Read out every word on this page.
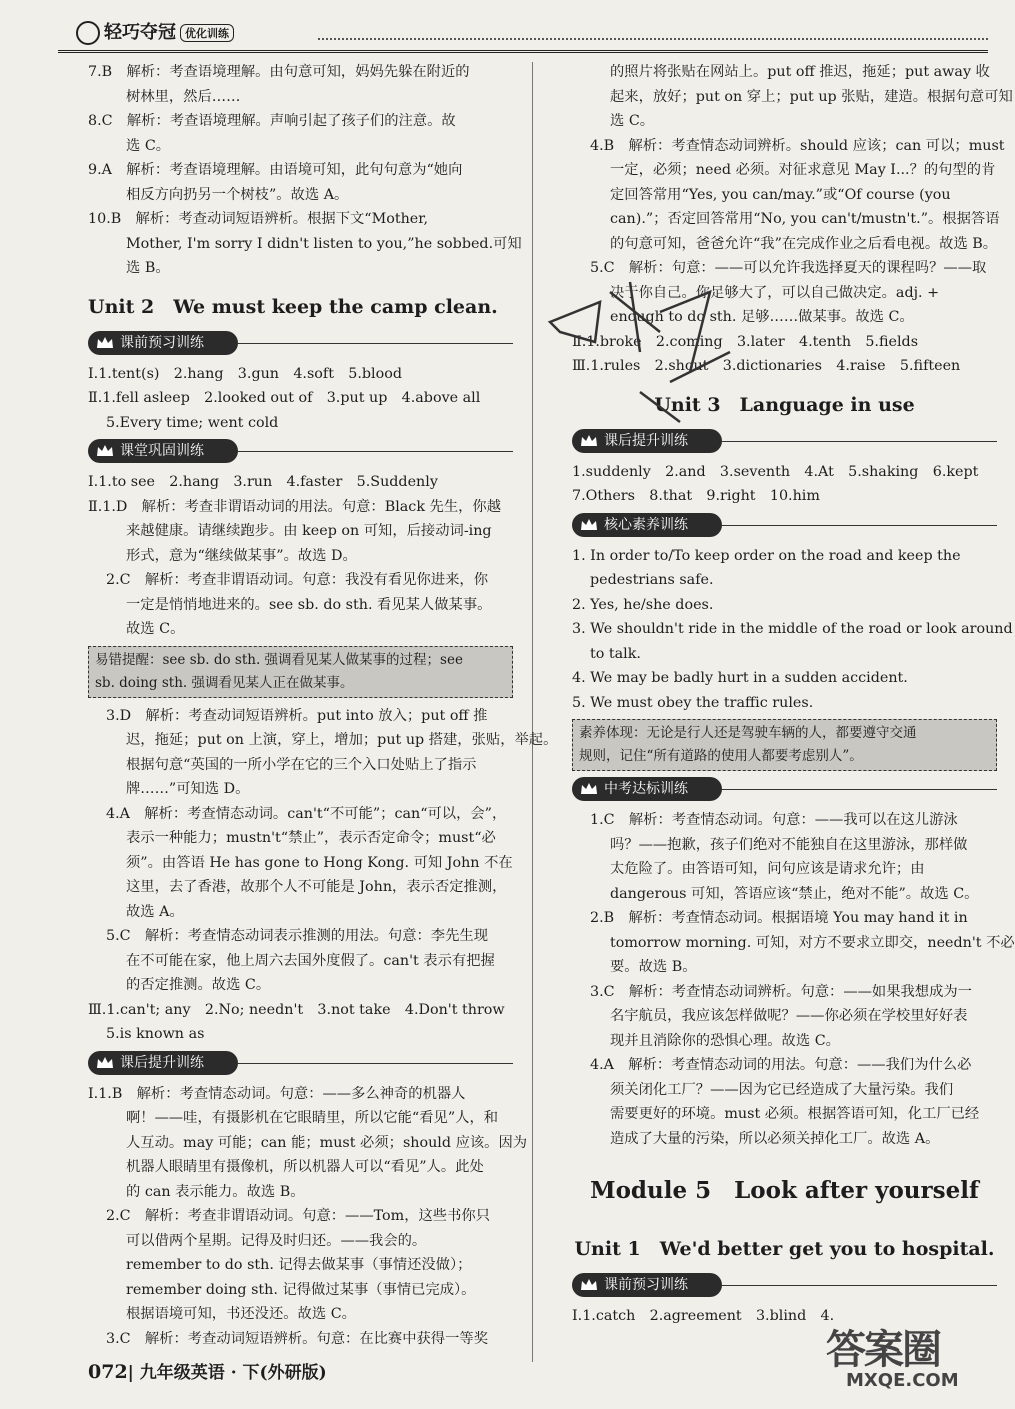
轻巧夺冠 优化训练
7.B　解析：考查语境理解。由句意可知，妈妈先躲在附近的
树林里，然后……
8.C　解析：考查语境理解。声响引起了孩子们的注意。故
选 C。
9.A　解析：考查语境理解。由语境可知，此句句意为“她向
相反方向扔另一个树枝”。故选 A。
10.B　解析：考查动词短语辨析。根据下文“Mother,
Mother, I'm sorry I didn't listen to you,”he sobbed.可知
选 B。
Unit 2　We must keep the camp clean.
课前预习训练
Ⅰ.1.tent(s)　2.hang　3.gun　4.soft　5.blood
Ⅱ.1.fell asleep　2.looked out of　3.put up　4.above all
5.Every time; went cold
课堂巩固训练
Ⅰ.1.to see　2.hang　3.run　4.faster　5.Suddenly
Ⅱ.1.D　解析：考查非谓语动词的用法。句意：Black 先生，你越
来越健康。请继续跑步。由 keep on 可知，后接动词-ing
形式，意为“继续做某事”。故选 D。
2.C　解析：考查非谓语动词。句意：我没有看见你进来，你
一定是悄悄地进来的。see sb. do sth. 看见某人做某事。
故选 C。
易错提醒：see sb. do sth. 强调看见某人做某事的过程；see
sb. doing sth. 强调看见某人正在做某事。
3.D　解析：考查动词短语辨析。put into 放入；put off 推
迟，拖延；put on 上演，穿上，增加；put up 搭建，张贴，举起。
根据句意“英国的一所小学在它的三个入口处贴上了指示
牌……”可知选 D。
4.A　解析：考查情态动词。can't“不可能”；can“可以，会”，
表示一种能力；mustn't“禁止”，表示否定命令；must“必
须”。由答语 He has gone to Hong Kong. 可知 John 不在
这里，去了香港，故那个人不可能是 John，表示否定推测，
故选 A。
5.C　解析：考查情态动词表示推测的用法。句意：李先生现
在不可能在家，他上周六去国外度假了。can't 表示有把握
的否定推测。故选 C。
Ⅲ.1.can't; any　2.No; needn't　3.not take　4.Don't throw
5.is known as
课后提升训练
Ⅰ.1.B　解析：考查情态动词。句意：——多么神奇的机器人
啊！——哇，有摄影机在它眼睛里，所以它能“看见”人，和
人互动。may 可能；can 能；must 必须；should 应该。因为
机器人眼睛里有摄像机，所以机器人可以“看见”人。此处
的 can 表示能力。故选 B。
2.C　解析：考查非谓语动词。句意：——Tom，这些书你只
可以借两个星期。记得及时归还。——我会的。
remember to do sth. 记得去做某事（事情还没做）；
remember doing sth. 记得做过某事（事情已完成）。
根据语境可知，书还没还。故选 C。
3.C　解析：考查动词短语辨析。句意：在比赛中获得一等奖
的照片将张贴在网站上。put off 推迟，拖延；put away 收
起来，放好；put on 穿上；put up 张贴，建造。根据句意可知
选 C。
4.B　解析：考查情态动词辨析。should 应该；can 可以；must
一定，必须；need 必须。对征求意见 May I...？的句型的肯
定回答常用“Yes, you can/may.”或“Of course (you
can).”；否定回答常用“No, you can't/mustn't.”。根据答语
的句意可知，爸爸允许“我”在完成作业之后看电视。故选 B。
5.C　解析：句意：——可以允许我选择夏天的课程吗？——取
决于你自己。你足够大了，可以自己做决定。adj. +
enough to do sth. 足够……做某事。故选 C。
Ⅱ.1.broke　2.coming　3.later　4.tenth　5.fields
Ⅲ.1.rules　2.shout　3.dictionaries　4.raise　5.fifteen
Unit 3　Language in use
课后提升训练
1.suddenly　2.and　3.seventh　4.At　5.shaking　6.kept
7.Others　8.that　9.right　10.him
核心素养训练
1. In order to/To keep order on the road and keep the
pedestrians safe.
2. Yes, he/she does.
3. We shouldn't ride in the middle of the road or look around
to talk.
4. We may be badly hurt in a sudden accident.
5. We must obey the traffic rules.
素养体现：无论是行人还是驾驶车辆的人，都要遵守交通
规则，记住“所有道路的使用人都要考虑别人”。
中考达标训练
1.C　解析：考查情态动词。句意：——我可以在这儿游泳
吗？——抱歉，孩子们绝对不能独自在这里游泳，那样做
太危险了。由答语可知，问句应该是请求允许；由
dangerous 可知，答语应该“禁止，绝对不能”。故选 C。
2.B　解析：考查情态动词。根据语境 You may hand it in
tomorrow morning. 可知，对方不要求立即交，needn't 不必
要。故选 B。
3.C　解析：考查情态动词辨析。句意：——如果我想成为一
名宇航员，我应该怎样做呢？——你必须在学校里好好表
现并且消除你的恐惧心理。故选 C。
4.A　解析：考查情态动词的用法。句意：——我们为什么必
须关闭化工厂？——因为它已经造成了大量污染。我们
需要更好的环境。must 必须。根据答语可知，化工厂已经
造成了大量的污染，所以必须关掉化工厂。故选 A。
Module 5　Look after yourself
Unit 1　We'd better get you to hospital.
课前预习训练
Ⅰ.1.catch　2.agreement　3.blind　4.
072| 九年级英语 · 下(外研版)	答案圈
MXQE.COM
